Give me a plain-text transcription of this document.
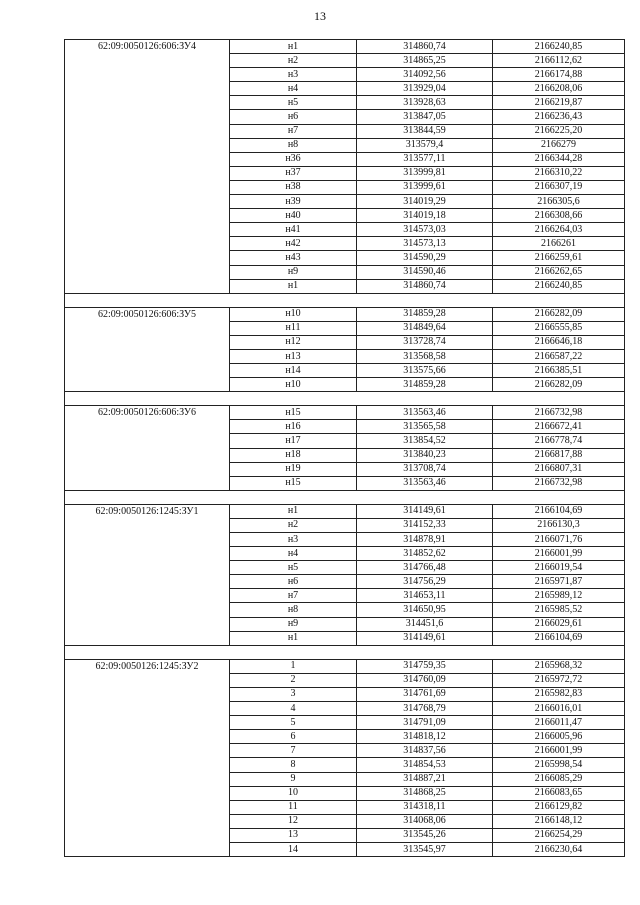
13
62:09:0050126:606:ЗУ4	н1	314860,74	2166240,85
	н2	314865,25	2166112,62
	н3	314092,56	2166174,88
	н4	313929,04	2166208,06
	н5	313928,63	2166219,87
	н6	313847,05	2166236,43
	н7	313844,59	2166225,20
	н8	313579,4	2166279
	н36	313577,11	2166344,28
	н37	313999,81	2166310,22
	н38	313999,61	2166307,19
	н39	314019,29	2166305,6
	н40	314019,18	2166308,66
	н41	314573,03	2166264,03
	н42	314573,13	2166261
	н43	314590,29	2166259,61
	н9	314590,46	2166262,65
	н1	314860,74	2166240,85

62:09:0050126:606:ЗУ5	н10	314859,28	2166282,09
	н11	314849,64	2166555,85
	н12	313728,74	2166646,18
	н13	313568,58	2166587,22
	н14	313575,66	2166385,51
	н10	314859,28	2166282,09

62:09:0050126:606:ЗУ6	н15	313563,46	2166732,98
	н16	313565,58	2166672,41
	н17	313854,52	2166778,74
	н18	313840,23	2166817,88
	н19	313708,74	2166807,31
	н15	313563,46	2166732,98

62:09:0050126:1245:ЗУ1	н1	314149,61	2166104,69
	н2	314152,33	2166130,3
	н3	314878,91	2166071,76
	н4	314852,62	2166001,99
	н5	314766,48	2166019,54
	н6	314756,29	2165971,87
	н7	314653,11	2165989,12
	н8	314650,95	2165985,52
	н9	314451,6	2166029,61
	н1	314149,61	2166104,69

62:09:0050126:1245:ЗУ2	1	314759,35	2165968,32
	2	314760,09	2165972,72
	3	314761,69	2165982,83
	4	314768,79	2166016,01
	5	314791,09	2166011,47
	6	314818,12	2166005,96
	7	314837,56	2166001,99
	8	314854,53	2165998,54
	9	314887,21	2166085,29
	10	314868,25	2166083,65
	11	314318,11	2166129,82
	12	314068,06	2166148,12
	13	313545,26	2166254,29
	14	313545,97	2166230,64
